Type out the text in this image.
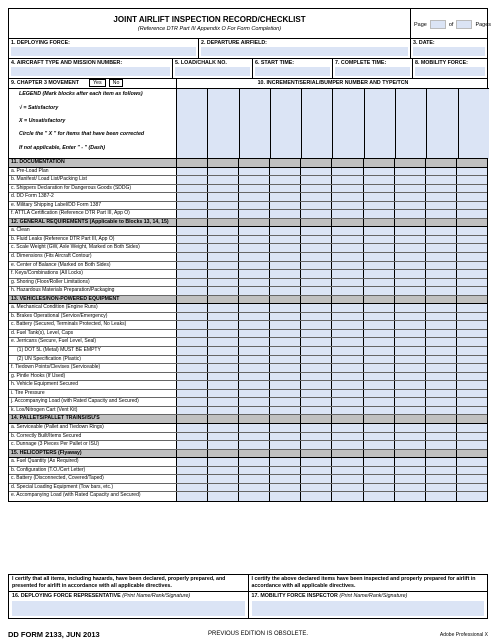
JOINT AIRLIFT INSPECTION RECORD/CHECKLIST
(Reference DTR Part III Appendix O For Form Completion)
Page	of	Pages
1. DEPLOYING FORCE:	2. DEPARTURE AIRFIELD:	3. DATE:
4. AIRCRAFT TYPE AND MISSION NUMBER:	5. LOAD/CHALK NO.	6. START TIME:	7. COMPLETE TIME:	8. MOBILITY FORCE:
9. CHAPTER 3 MOVEMENT	Yes No
LEGEND (Mark blocks after each item as follows)
√ = Satisfactory
X = Unsatisfactory
Circle the " X " for items that have been corrected
If not applicable, Enter " - " (Dash)
10. INCREMENT/SERIAL/BUMPER NUMBER AND TYPE/TCN
11. DOCUMENTATION
a. Pre-Load Plan
b. Manifest/ Load List/Packing List
c. Shippers Declaration for Dangerous Goods (SDDG)
d. DD Form 1387-2
e. Military Shipping Label/DD Form 1387
f. ATTLA Certification (Reference DTR Part III, App O)
12. GENERAL REQUIREMENTS (Applicable to Blocks 13, 14, 15)
a. Clean
b. Fluid Leaks (Reference DTR Part III, App O)
c. Scale Weight (GW, Axle Weight, Marked on Both Sides)
d. Dimensions (Fits Aircraft Contour)
e. Center of Balance (Marked on Both Sides)
f. Keys/Combinations (All Locks)
g. Shoring (Floor/Roller Limitations)
h. Hazardous Materials Preparation/Packaging
13. VEHICLES/NON-POWERED EQUIPMENT
a. Mechanical Condition (Engine Runs)
b. Brakes Operational (Service/Emergency)
c. Battery (Secured, Terminals Protected, No Leaks)
d. Fuel Tank(s), Level, Caps
e. Jerricans (Secure, Fuel Level, Seal)
(1) DOT 5L (Metal) MUST BE EMPTY
(2) UN Specification (Plastic)
f. Tiedown Points/Clevises (Serviceable)
g. Pintle Hooks (If Used)
h. Vehicle Equipment Secured
i. Tire Pressure
j. Accompanying Load (with Rated Capacity and Secured)
k. Lox/Nitrogen Cart (Vent Kit)
14. PALLETS/PALLET TRAINS/ISU'S
a. Serviceable (Pallet and Tiedown Rings)
b. Correctly Built/Items Secured
c. Dunnage (3 Pieces Per Pallet or ISU)
15. HELICOPTERS (Flyaway)
a. Fuel Quantity (As Required)
b. Configuration (T.O./Cert Letter)
c. Battery (Disconnected, Covered/Taped)
d. Special Loading Equipment (Tow bars, etc.)
e. Accompanying Load (with Rated Capacity and Secured)
I certify that all items, including hazards, have been declared, properly prepared, and presented for airlift in accordance with all applicable directives.
16. DEPLOYING FORCE REPRESENTATIVE (Print Name/Rank/Signature)
I certify the above declared items have been inspected and properly prepared for airlift in accordance with all applicable directives.
17. MOBILITY FORCE INSPECTOR (Print Name/Rank/Signature)
DD FORM 2133, JUN 2013	PREVIOUS EDITION IS OBSOLETE.	Adobe Professional X
